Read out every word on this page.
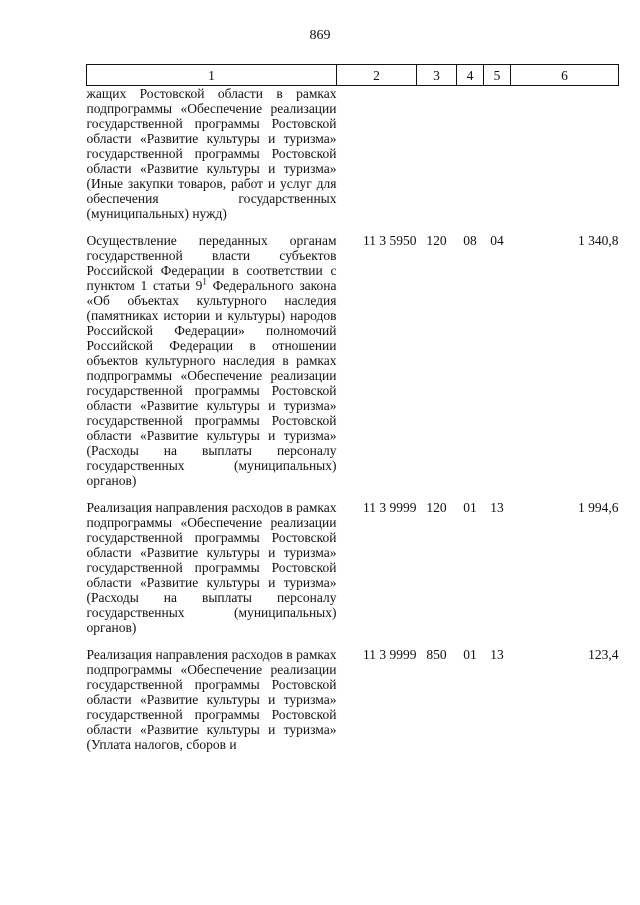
869
1	2	3	4	5	6
жащих Ростовской области в рамках подпрограммы «Обеспечение реализации государственной программы Ростовской области «Развитие культуры и туризма» государственной программы Ростовской области «Развитие культуры и туризма» (Иные закупки товаров, работ и услуг для обеспечения государственных (муниципальных) нужд)					

Осуществление переданных органам государственной власти субъектов Российской Федерации в соответствии с пунктом 1 статьи $9^1$ Федерального закона «Об объектах культурного наследия (памятниках истории и культуры) народов Российской Федерации» полномочий Российской Федерации в отношении объектов культурного наследия в рамках подпрограммы «Обеспечение реализации государственной программы Ростовской области «Развитие культуры и туризма» государственной программы Ростовской области «Развитие культуры и туризма» (Расходы на выплаты персоналу государственных (муниципальных) органов)	11 3 5950	120	08	04	1 340,8

Реализация направления расходов в рамках подпрограммы «Обеспечение реализации государственной программы Ростовской области «Развитие культуры и туризма» государственной программы Ростовской области «Развитие культуры и туризма» (Расходы на выплаты персоналу государственных (муниципальных) органов)	11 3 9999	120	01	13	1 994,6

Реализация направления расходов в рамках подпрограммы «Обеспечение реализации государственной программы Ростовской области «Развитие культуры и туризма» государственной программы Ростовской области «Развитие культуры и туризма» (Уплата налогов, сборов и	11 3 9999	850	01	13	123,4
